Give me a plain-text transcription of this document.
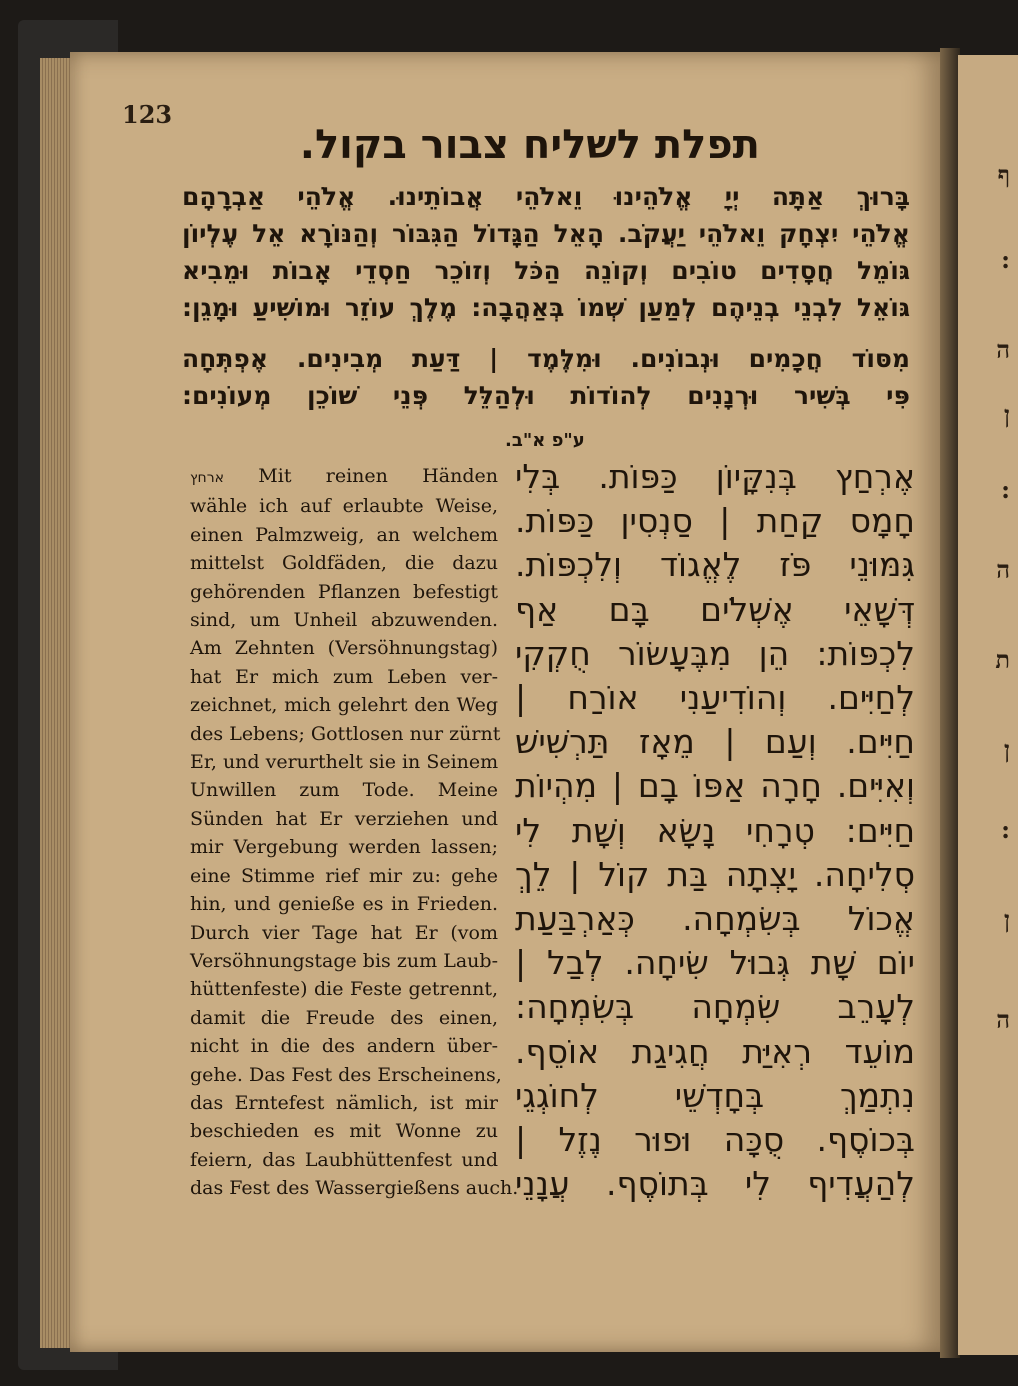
ף
:
ה
ן
:
ה
ת
ן
:
ן
ה
123
תפלת לשליח צבור בקול.
בָּרוּךְ אַתָּה יְיָ אֱלֹהֵינוּ וֵאלֹהֵי אֲבוֹתֵינוּ. אֱלֹהֵי אַבְרָהָם
אֱלֹהֵי יִצְחָק וֵאלֹהֵי יַעֲקֹב. הָאֵל הַגָּדוֹל הַגִּבּוֹר וְהַנּוֹרָא אֵל עֶלְיוֹן
גּוֹמֵל חֲסָדִים טוֹבִים וְקוֹנֵה הַכֹּל וְזוֹכֵר חַסְדֵי אָבוֹת וּמֵבִיא
גּוֹאֵל לִבְנֵי בְנֵיהֶם לְמַעַן שְׁמוֹ בְּאַהֲבָה: מֶלֶךְ עוֹזֵר וּמוֹשִׁיעַ וּמָגֵן:
מִסּוֹד חֲכָמִים וּנְבוֹנִים. וּמִלֶּמֶד | דַּעַת מְבִינִים. אֶפְתְּחָה
פִּי בְּשִׁיר וּרְנָנִים לְהוֹדוֹת וּלְהַלֵּל פְּנֵי שׁוֹכֵן מְעוֹנִים:
ע"פ א"ב.
ארחץ Mit reinen Händen
wähle ich auf erlaubte Weise,
einen Palmzweig, an welchem
mittelst Goldfäden, die dazu
gehörenden Pflanzen befestigt
sind, um Unheil abzuwenden.
Am Zehnten (Versöhnungstag)
hat Er mich zum Leben ver-
zeichnet, mich gelehrt den Weg
des Lebens; Gottlosen nur zürnt
Er, und verurthelt sie in Seinem
Unwillen zum Tode. Meine
Sünden hat Er verziehen und
mir Vergebung werden lassen;
eine Stimme rief mir zu: gehe
hin, und genieße es in Frieden.
Durch vier Tage hat Er (vom
Versöhnungstage bis zum Laub-
hüttenfeste) die Feste getrennt,
damit die Freude des einen,
nicht in die des andern über-
gehe. Das Fest des Erscheinens,
das Erntefest nämlich, ist mir
beschieden es mit Wonne zu
feiern, das Laubhüttenfest und
das Fest des Wassergießens auch.
אֶרְחַץ בְּנִקָּיוֹן כַּפּוֹת. בְּלִי
חָמָס קַחַת | סַנְסִין כַּפּוֹת.
גִּמּוּנֵי פֹּז לֶאֱגוֹד וְלִכְפּוֹת.
דְּשָׁאֵי אֶשְׁלֹים בָּם אַף
לִכְפּוֹת: הֵן מִבֶּעָשׂוֹר חֻקְקִי
לְחַיִּים. וְהוֹדִיעַנִי אוֹרַח |
חַיִּים. וְעַם | מֵאָז תַּרְשִׁישׁ
וְאִיִּים. חָרָה אַפּוֹ בָם | מִהְיוֹת
חַיִּים: טְרָחִי נָשָׂא וְשָׁת לִי
סְלִיחָה. יָצְתָה בַּת קוֹל | לֵךְ
אֱכוֹל בְּשִׂמְחָה. כְּאַרְבַּעַת
יוֹם שָׁת גְּבוּל שִׂיחָה. לְבַל |
לְעָרֵב שִׂמְחָה בְּשִׂמְחָה:
מוֹעֵד רְאִיַּת חֲגִיגַת אוֹסֵף.
נִתְמַךְ בְּחָדְשֵׁי לְחוֹגְגֵי
בְּכוֹסֶף. סֻכָּה וּפוּר נֶזֶל |
לְהַעֲדִיף לִי בְּתוֹסֶף. עֲנָנֵי
